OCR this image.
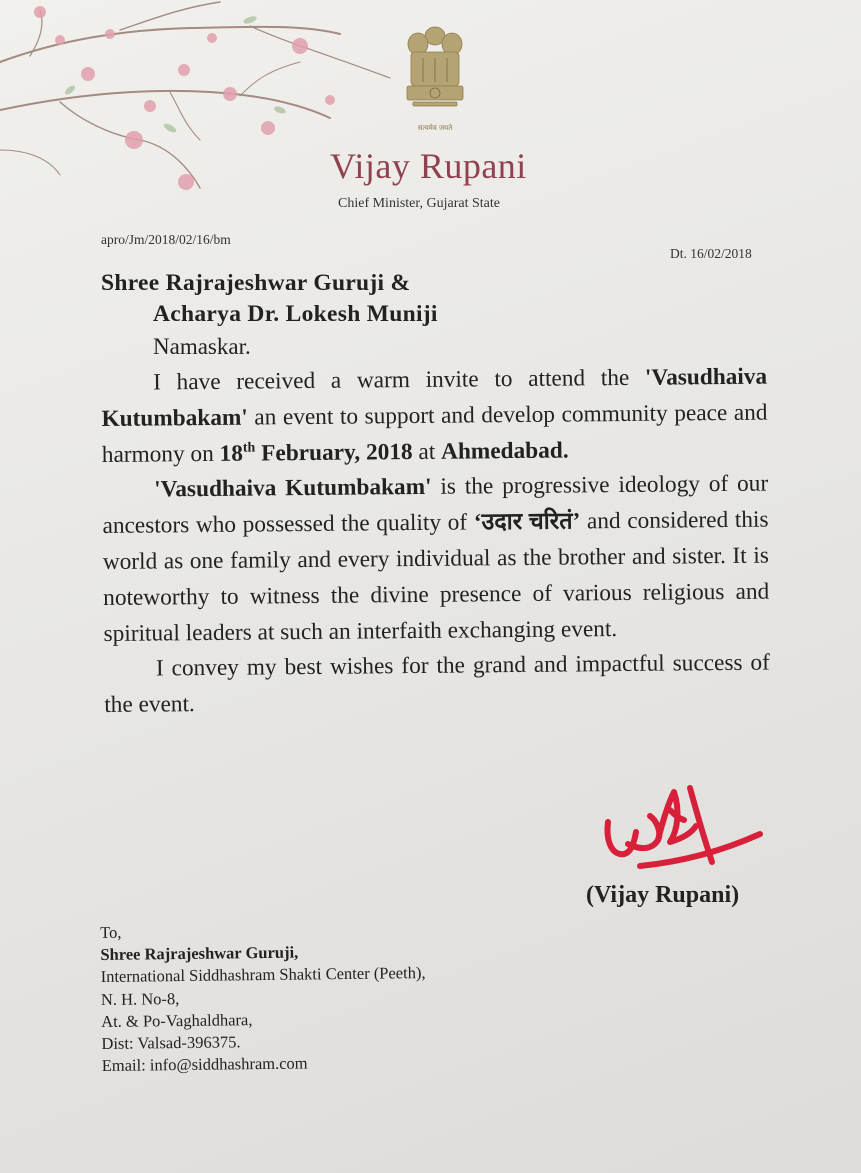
सत्यमेव जयते
Vijay Rupani
Chief Minister, Gujarat State
apro/Jm/2018/02/16/bm
Dt. 16/02/2018
Shree Rajrajeshwar Guruji &
Acharya Dr. Lokesh Muniji
Namaskar.

I have received a warm invite to attend the 'Vasudhaiva Kutumbakam' an event to support and develop community peace and harmony on 18th February, 2018 at Ahmedabad.

'Vasudhaiva Kutumbakam' is the progressive ideology of our ancestors who possessed the quality of ‘उदार चरितं’ and considered this world as one family and every individual as the brother and sister. It is noteworthy to witness the divine presence of various religious and spiritual leaders at such an interfaith exchanging event.

I convey my best wishes for the grand and impactful success of the event.

(Vijay Rupani)
To,
Shree Rajrajeshwar Guruji,
International Siddhashram Shakti Center (Peeth),
N. H. No-8,
At. & Po-Vaghaldhara,
Dist: Valsad-396375.
Email: info@siddhashram.com
